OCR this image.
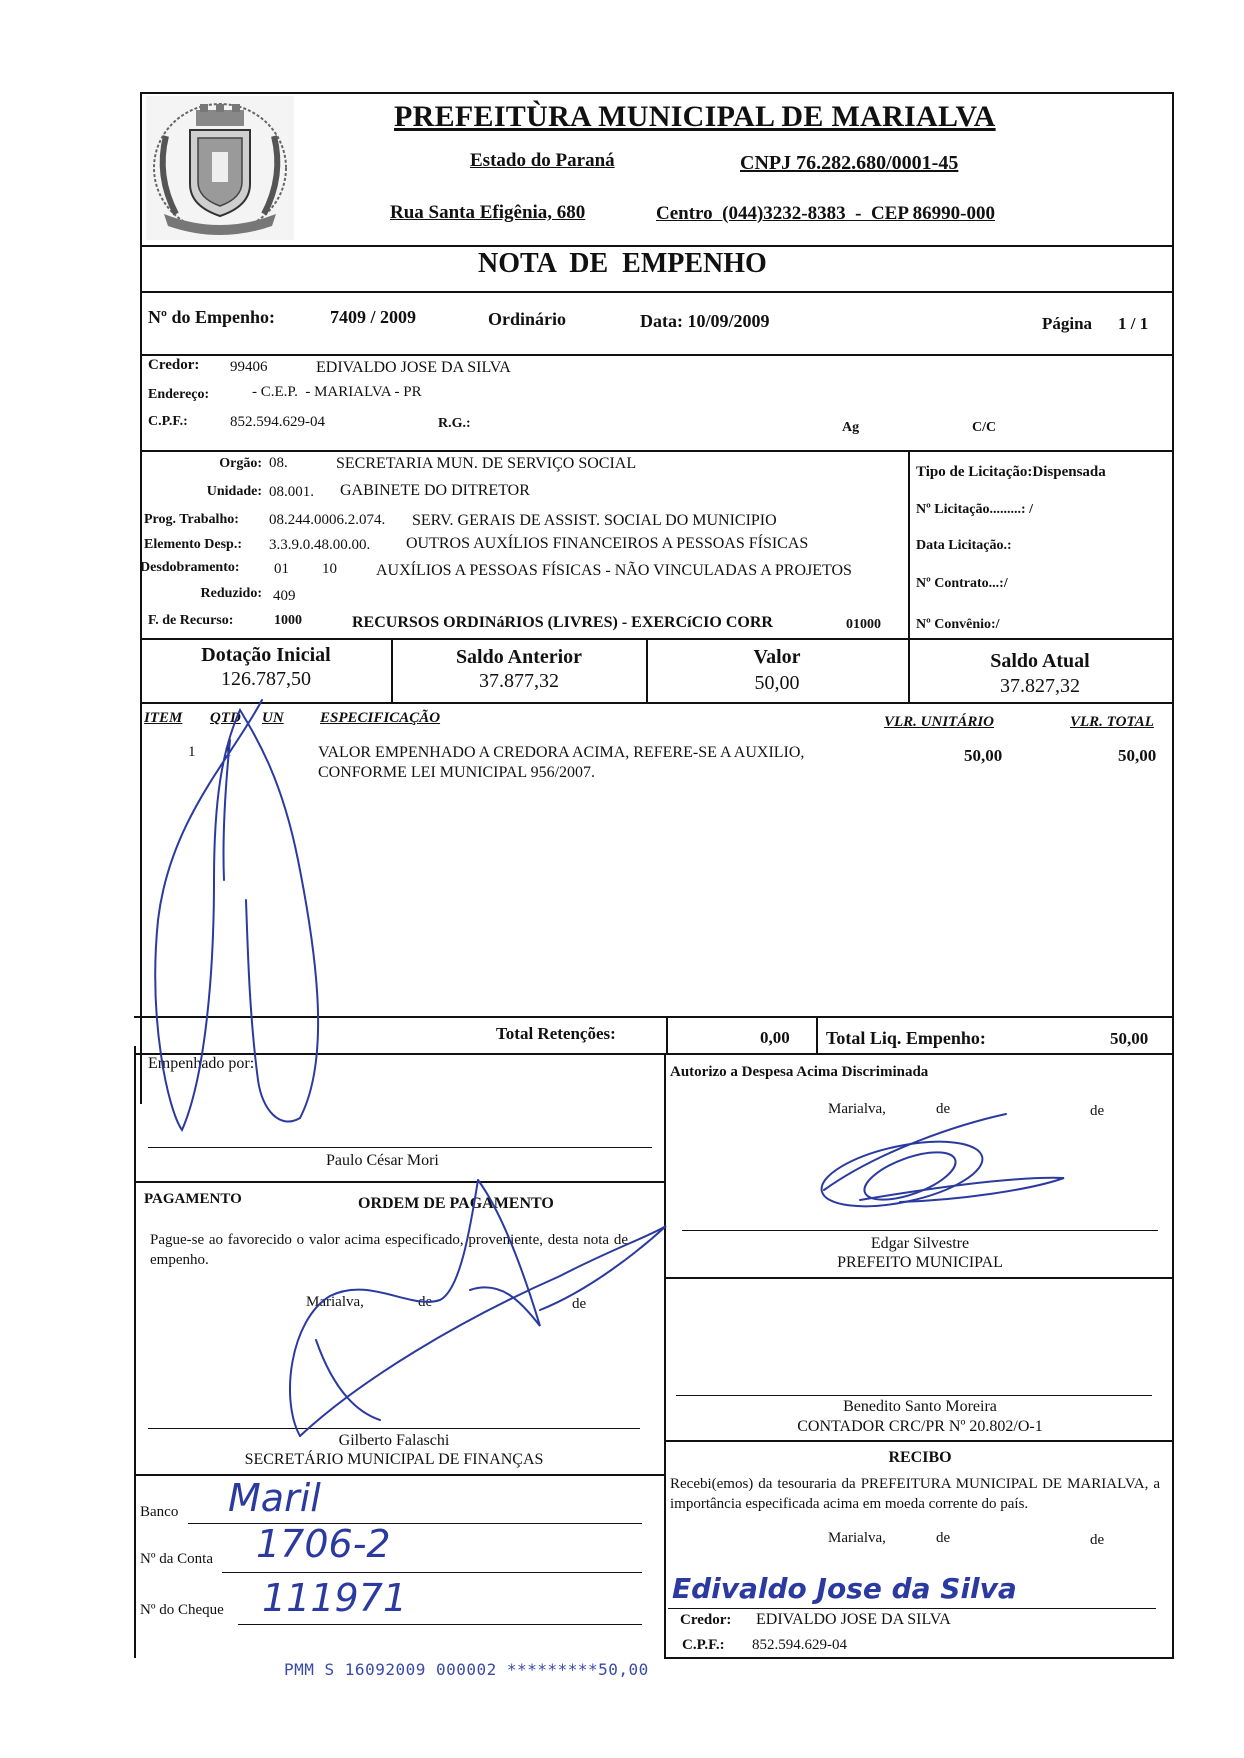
PREFEITÙRA MUNICIPAL DE MARIALVA
Estado do Paraná	CNPJ 76.282.680/0001-45
Rua Santa Efigênia, 680	Centro  (044)3232-8383  -  CEP 86990-000
NOTA  DE  EMPENHO
Nº do Empenho:	7409 / 2009	Ordinário	Data: 10/09/2009	Página 1 / 1
Credor: 99406	EDIVALDO JOSE DA SILVA
Endereço:	- C.E.P.  - MARIALVA - PR
C.P.F.:	852.594.629-04	R.G.:	Ag	C/C
Orgão: 08.	SECRETARIA MUN. DE SERVIÇO SOCIAL
Unidade: 08.001. GABINETE DO DITRETOR
Prog. Trabalho: 08.244.0006.2.074. SERV. GERAIS DE ASSIST. SOCIAL DO MUNICIPIO
Elemento Desp.: 3.3.9.0.48.00.00. OUTROS AUXÍLIOS FINANCEIROS A PESSOAS FÍSICAS
Desdobramento: 01 10 AUXÍLIOS A PESSOAS FÍSICAS - NÃO VINCULADAS A PROJETOS
Reduzido: 409
F. de Recurso:	1000	RECURSOS ORDINáRIOS (LIVRES) - EXERCíCIO CORR	01000
Tipo de Licitação:Dispensada
Nº Licitação.........: /
Data Licitação.:
Nº Contrato...:/
Nº Convênio:/
Dotação Inicial
126.787,50
Saldo Anterior
37.877,32
Valor
50,00
Saldo Atual
37.827,32
ITEM QTD UN ESPECIFICAÇÃO	VLR. UNITÁRIO	VLR. TOTAL
1 1	VALOR EMPENHADO A CREDORA ACIMA, REFERE-SE A AUXILIO,
CONFORME LEI MUNICIPAL 956/2007.
50,00	50,00
Total Retenções:	0,00 Total Liq. Empenho:	50,00
Empenhado por:
Paulo César Mori
PAGAMENTO	ORDEM DE PAGAMENTO
Pague-se ao favorecido o valor acima especificado, proveniente, desta nota de empenho.
Marialva,	de	de
Gilberto Falaschi
SECRETÁRIO MUNICIPAL DE FINANÇAS
Banco Maril
Nº da Conta 1706-2
Nº do Cheque 111971
Autorizo a Despesa Acima Discriminada
Marialva,	de	de
Edgar Silvestre
PREFEITO MUNICIPAL
Benedito Santo Moreira
CONTADOR CRC/PR Nº 20.802/O-1
RECIBO
Recebi(emos) da tesouraria da PREFEITURA MUNICIPAL DE MARIALVA, a importância especificada acima em moeda corrente do país.
Marialva,	de	de
Edivaldo Jose da Silva
Credor: EDIVALDO JOSE DA SILVA
C.P.F.: 852.594.629-04
PMM S 16092009 000002 *********50,00
